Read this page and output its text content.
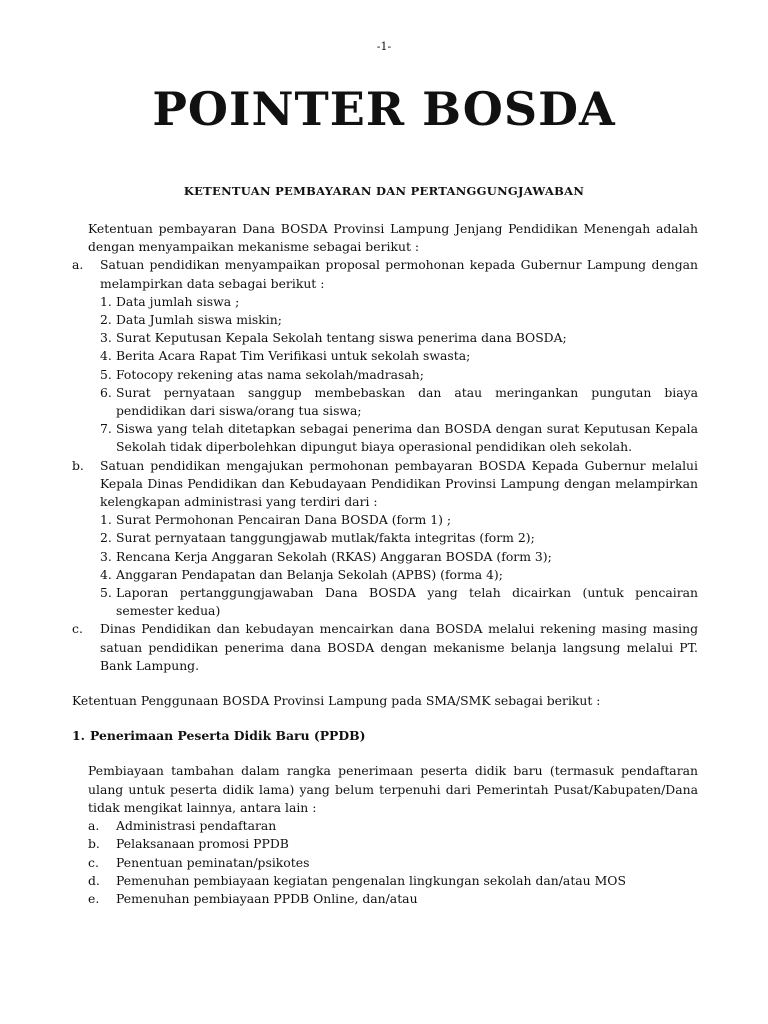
-1-
POINTER BOSDA
KETENTUAN PEMBAYARAN DAN PERTANGGUNGJAWABAN

Ketentuan pembayaran Dana BOSDA Provinsi Lampung Jenjang Pendidikan Menengah adalah dengan menyampaikan mekanisme sebagai berikut :

a. Satuan pendidikan menyampaikan proposal permohonan kepada Gubernur Lampung dengan melampirkan data sebagai berikut :
1. Data jumlah siswa ;
2. Data Jumlah siswa miskin;
3. Surat Keputusan Kepala Sekolah tentang siswa penerima dana BOSDA;
4. Berita Acara Rapat Tim Verifikasi untuk sekolah swasta;
5. Fotocopy rekening atas nama sekolah/madrasah;
6. Surat pernyataan sanggup membebaskan dan atau meringankan pungutan biaya pendidikan dari siswa/orang tua siswa;
7. Siswa yang telah ditetapkan sebagai penerima dan BOSDA dengan surat Keputusan Kepala Sekolah tidak diperbolehkan dipungut biaya operasional pendidikan oleh sekolah.
b. Satuan pendidikan mengajukan permohonan pembayaran BOSDA Kepada Gubernur melalui Kepala Dinas Pendidikan dan Kebudayaan Pendidikan Provinsi Lampung dengan melampirkan kelengkapan administrasi yang terdiri dari :
1. Surat Permohonan Pencairan Dana BOSDA (form 1) ;
2. Surat pernyataan tanggungjawab mutlak/fakta integritas (form 2);
3. Rencana Kerja Anggaran Sekolah (RKAS) Anggaran BOSDA (form 3);
4. Anggaran Pendapatan dan Belanja Sekolah (APBS) (forma 4);
5. Laporan pertanggungjawaban Dana BOSDA yang telah dicairkan (untuk pencairan semester kedua)
c. Dinas Pendidikan dan kebudayan mencairkan dana BOSDA melalui rekening masing masing satuan pendidikan penerima dana BOSDA dengan mekanisme belanja langsung melalui PT. Bank Lampung.

Ketentuan Penggunaan BOSDA Provinsi Lampung pada SMA/SMK sebagai berikut :

1. Penerimaan Peserta Didik Baru (PPDB)

Pembiayaan tambahan dalam rangka penerimaan peserta didik baru (termasuk pendaftaran ulang untuk peserta didik lama) yang belum terpenuhi dari Pemerintah Pusat/Kabupaten/Dana tidak mengikat lainnya, antara lain :

a. Administrasi pendaftaran
b. Pelaksanaan promosi PPDB
c. Penentuan peminatan/psikotes
d. Pemenuhan pembiayaan kegiatan pengenalan lingkungan sekolah dan/atau MOS
e. Pemenuhan pembiayaan PPDB Online, dan/atau
